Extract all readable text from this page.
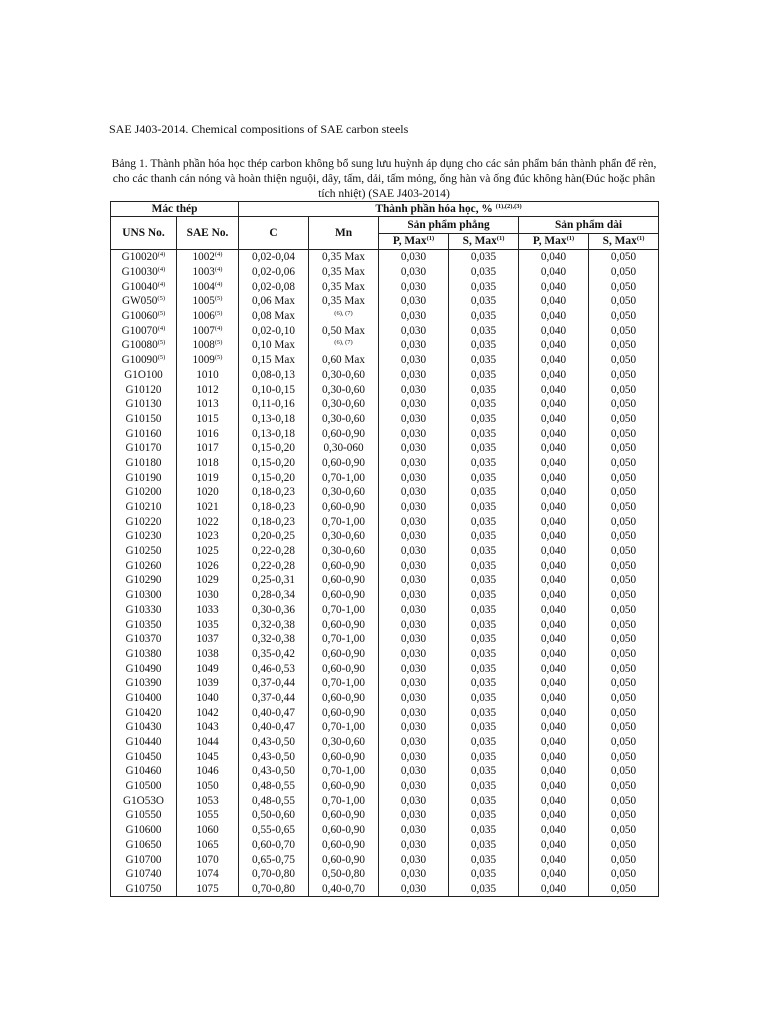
SAE J403-2014. Chemical compositions of SAE carbon steels
Bảng 1. Thành phần hóa học thép carbon không bổ sung lưu huỳnh áp dụng cho các sản phẩm bán thành phẩn để rèn, cho các thanh cán nóng và hoàn thiện nguội, dây, tấm, dải, tấm mỏng, ống hàn và ống đúc không hàn(Đúc hoặc phân tích nhiệt) (SAE J403-2014)
Mác thép		Thành phần hóa học, % $^{(1),(2),(3)}$
UNS No.	SAE No.	C	Mn	Sản phẩm phẳng		Sản phẩm dài	
				P, Max$^{(1)}$	S, Max$^{(1)}$	P, Max$^{(1)}$	S, Max$^{(1)}$
G10020$^{(4)}$	1002$^{(4)}$	0,02-0,04	0,35 Max	0,030	0,035	0,040	0,050
G10030$^{(4)}$	1003$^{(4)}$	0,02-0,06	0,35 Max	0,030	0,035	0,040	0,050
G10040$^{(4)}$	1004$^{(4)}$	0,02-0,08	0,35 Max	0,030	0,035	0,040	0,050
GW050$^{(5)}$	1005$^{(5)}$	0,06 Max	0,35 Max	0,030	0,035	0,040	0,050
G10060$^{(5)}$	1006$^{(5)}$	0,08 Max	$^{(6), (7)}$	0,030	0,035	0,040	0,050
G10070$^{(4)}$	1007$^{(4)}$	0,02-0,10	0,50 Max	0,030	0,035	0,040	0,050
G10080$^{(5)}$	1008$^{(5)}$	0,10 Max	$^{(6), (7)}$	0,030	0,035	0,040	0,050
G10090$^{(5)}$	1009$^{(5)}$	0,15 Max	0,60 Max	0,030	0,035	0,040	0,050
G1O100	1010	0,08-0,13	0,30-0,60	0,030	0,035	0,040	0,050
G10120	1012	0,10-0,15	0,30-0,60	0,030	0,035	0,040	0,050
G10130	1013	0,11-0,16	0,30-0,60	0,030	0,035	0,040	0,050
G10150	1015	0,13-0,18	0,30-0,60	0,030	0,035	0,040	0,050
G10160	1016	0,13-0,18	0,60-0,90	0,030	0,035	0,040	0,050
G10170	1017	0,15-0,20	0,30-060	0,030	0,035	0,040	0,050
G10180	1018	0,15-0,20	0,60-0,90	0,030	0,035	0,040	0,050
G10190	1019	0,15-0,20	0,70-1,00	0,030	0,035	0,040	0,050
G10200	1020	0,18-0,23	0,30-0,60	0,030	0,035	0,040	0,050
G10210	1021	0,18-0,23	0,60-0,90	0,030	0,035	0,040	0,050
G10220	1022	0,18-0,23	0,70-1,00	0,030	0,035	0,040	0,050
G10230	1023	0,20-0,25	0,30-0,60	0,030	0,035	0,040	0,050
G10250	1025	0,22-0,28	0,30-0,60	0,030	0,035	0,040	0,050
G10260	1026	0,22-0,28	0,60-0,90	0,030	0,035	0,040	0,050
G10290	1029	0,25-0,31	0,60-0,90	0,030	0,035	0,040	0,050
G10300	1030	0,28-0,34	0,60-0,90	0,030	0,035	0,040	0,050
G10330	1033	0,30-0,36	0,70-1,00	0,030	0,035	0,040	0,050
G10350	1035	0,32-0,38	0,60-0,90	0,030	0,035	0,040	0,050
G10370	1037	0,32-0,38	0,70-1,00	0,030	0,035	0,040	0,050
G10380	1038	0,35-0,42	0,60-0,90	0,030	0,035	0,040	0,050
G10490	1049	0,46-0,53	0,60-0,90	0,030	0,035	0,040	0,050
G10390	1039	0,37-0,44	0,70-1,00	0,030	0,035	0,040	0,050
G10400	1040	0,37-0,44	0,60-0,90	0,030	0,035	0,040	0,050
G10420	1042	0,40-0,47	0,60-0,90	0,030	0,035	0,040	0,050
G10430	1043	0,40-0,47	0,70-1,00	0,030	0,035	0,040	0,050
G10440	1044	0,43-0,50	0,30-0,60	0,030	0,035	0,040	0,050
G10450	1045	0,43-0,50	0,60-0,90	0,030	0,035	0,040	0,050
G10460	1046	0,43-0,50	0,70-1,00	0,030	0,035	0,040	0,050
G10500	1050	0,48-0,55	0,60-0,90	0,030	0,035	0,040	0,050
G1O53O	1053	0,48-0,55	0,70-1,00	0,030	0,035	0,040	0,050
G10550	1055	0,50-0,60	0,60-0,90	0,030	0,035	0,040	0,050
G10600	1060	0,55-0,65	0,60-0,90	0,030	0,035	0,040	0,050
G10650	1065	0,60-0,70	0,60-0,90	0,030	0,035	0,040	0,050
G10700	1070	0,65-0,75	0,60-0,90	0,030	0,035	0,040	0,050
G10740	1074	0,70-0,80	0,50-0,80	0,030	0,035	0,040	0,050
G10750	1075	0,70-0,80	0,40-0,70	0,030	0,035	0,040	0,050
